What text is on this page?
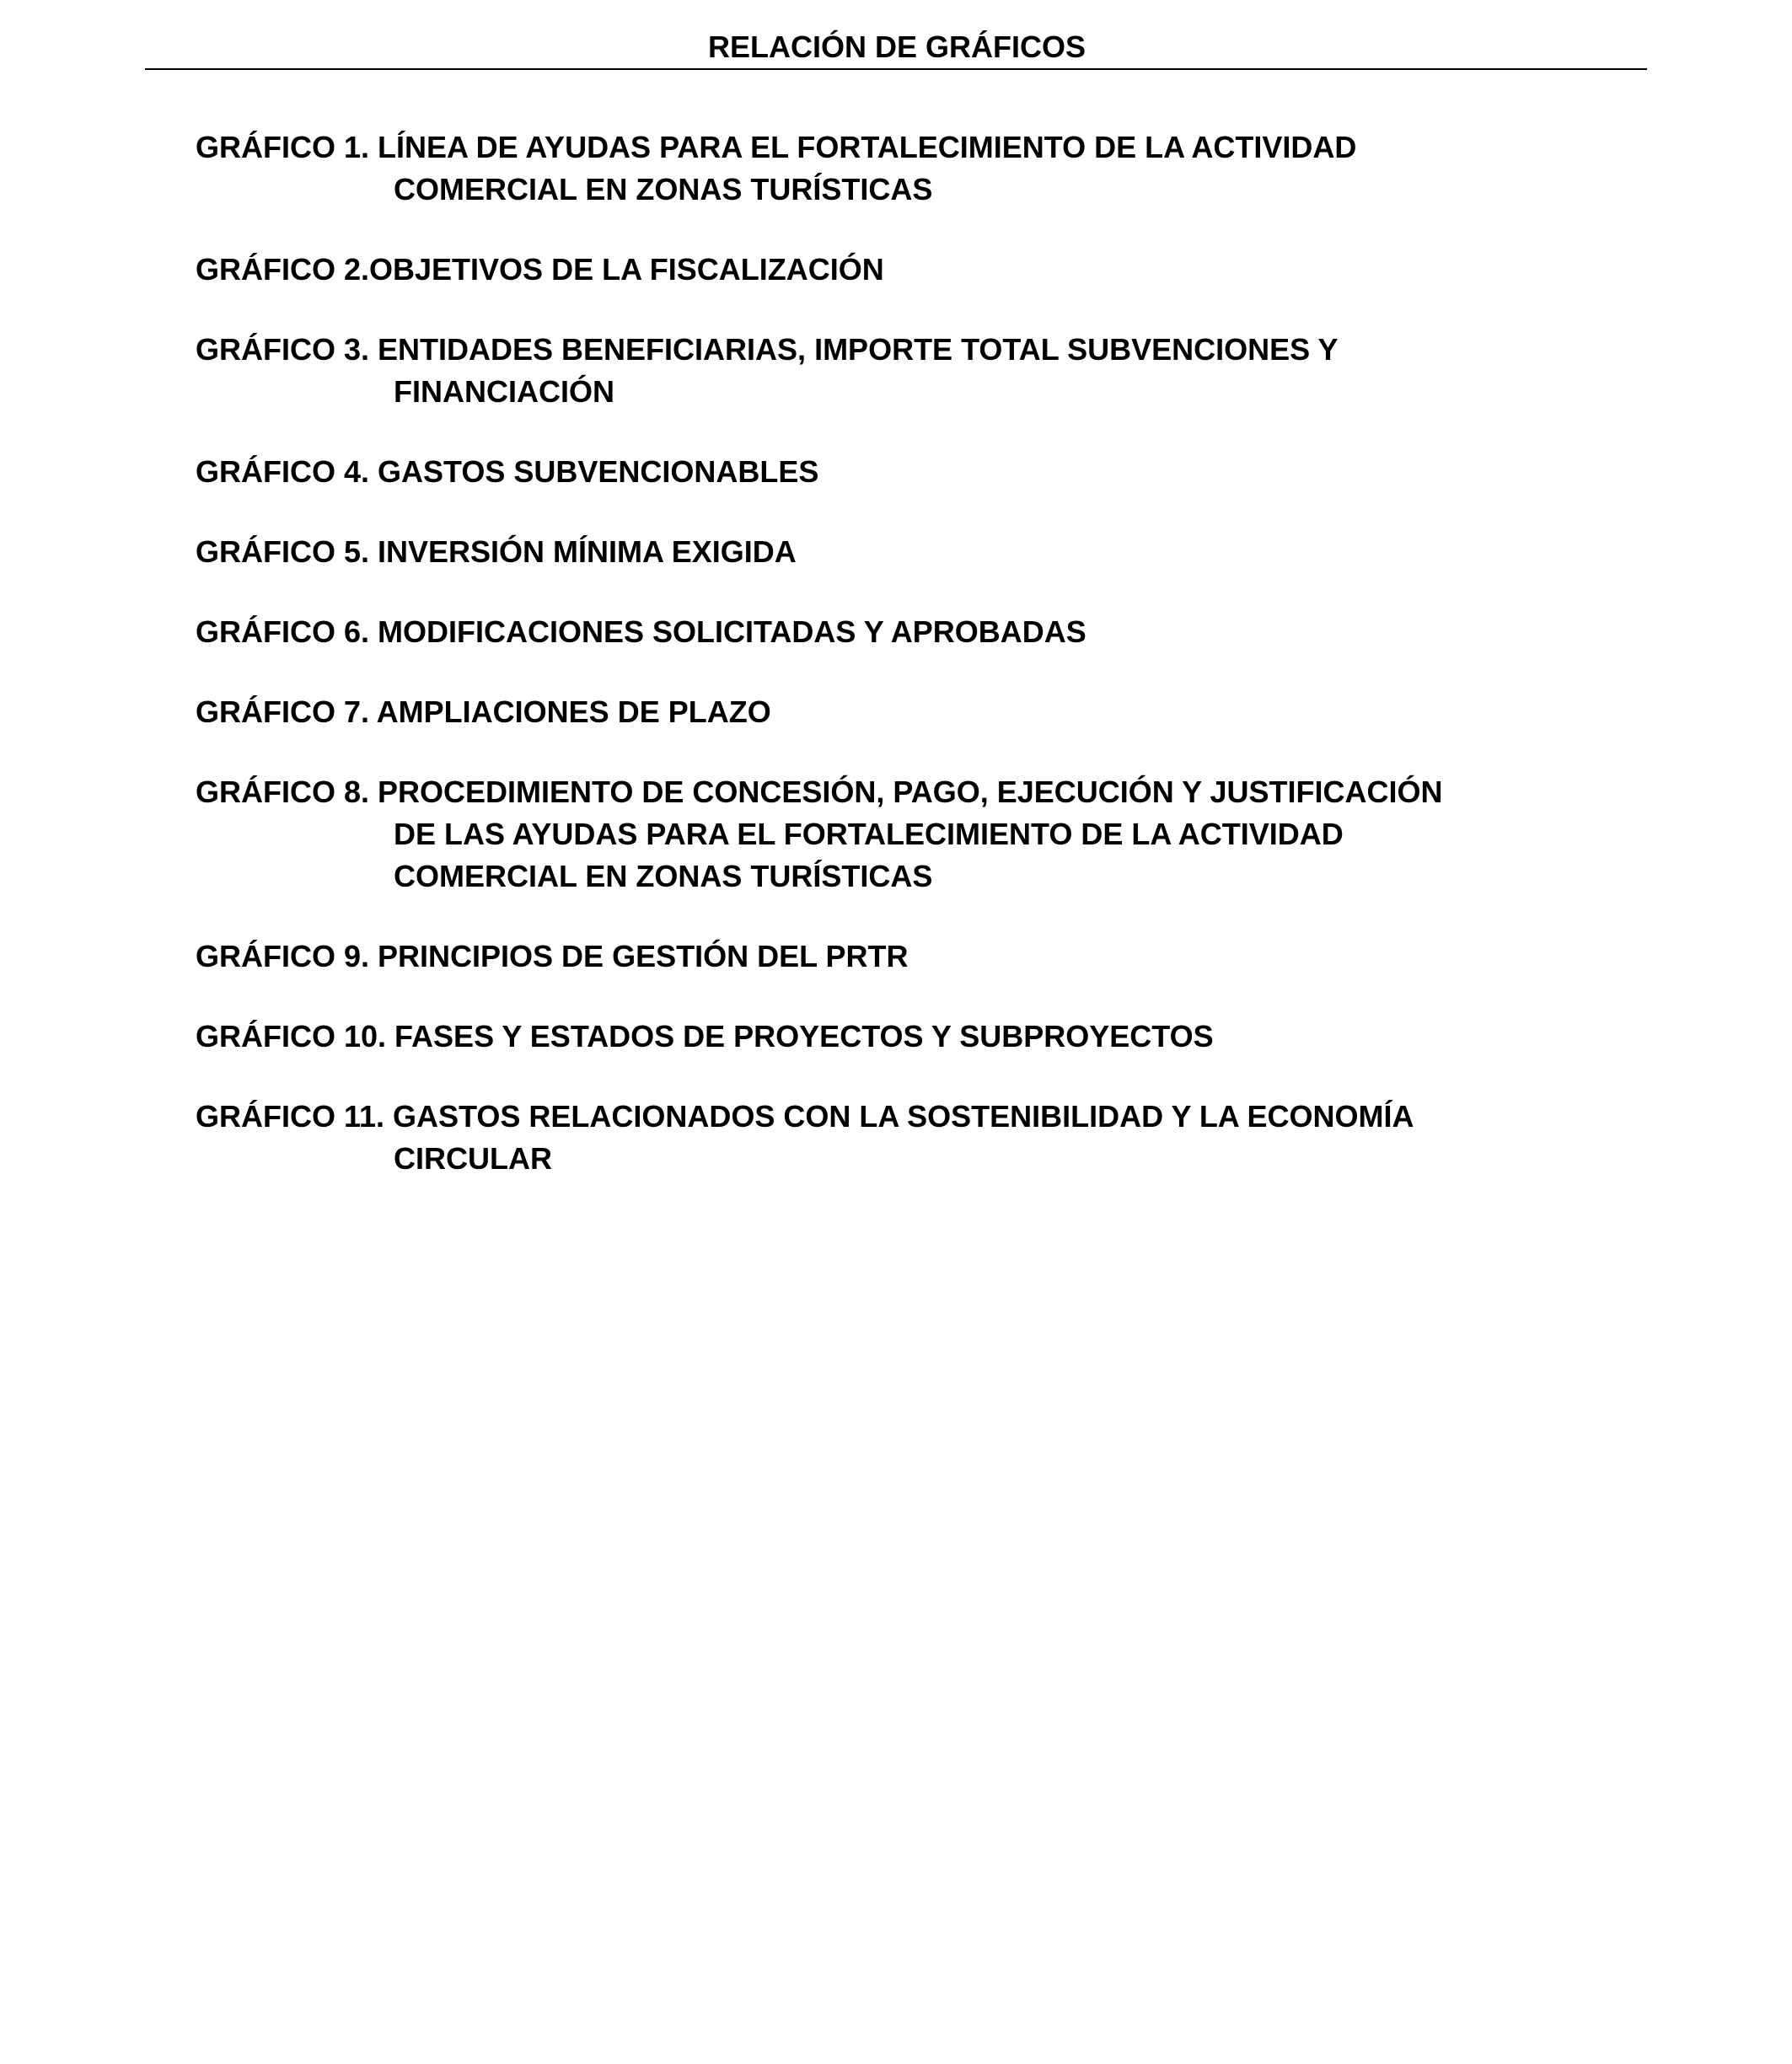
RELACIÓN DE GRÁFICOS
GRÁFICO 1. LÍNEA DE AYUDAS PARA EL FORTALECIMIENTO DE LA ACTIVIDAD
COMERCIAL EN ZONAS TURÍSTICAS
GRÁFICO 2.OBJETIVOS DE LA FISCALIZACIÓN
GRÁFICO 3. ENTIDADES BENEFICIARIAS, IMPORTE TOTAL SUBVENCIONES Y
FINANCIACIÓN
GRÁFICO 4. GASTOS SUBVENCIONABLES
GRÁFICO 5. INVERSIÓN MÍNIMA EXIGIDA
GRÁFICO 6. MODIFICACIONES SOLICITADAS Y APROBADAS
GRÁFICO 7. AMPLIACIONES DE PLAZO
GRÁFICO 8. PROCEDIMIENTO DE CONCESIÓN, PAGO, EJECUCIÓN Y JUSTIFICACIÓN
DE LAS AYUDAS PARA EL FORTALECIMIENTO DE LA ACTIVIDAD
COMERCIAL EN ZONAS TURÍSTICAS
GRÁFICO 9. PRINCIPIOS DE GESTIÓN DEL PRTR
GRÁFICO 10. FASES Y ESTADOS DE PROYECTOS Y SUBPROYECTOS
GRÁFICO 11. GASTOS RELACIONADOS CON LA SOSTENIBILIDAD Y LA ECONOMÍA
CIRCULAR
